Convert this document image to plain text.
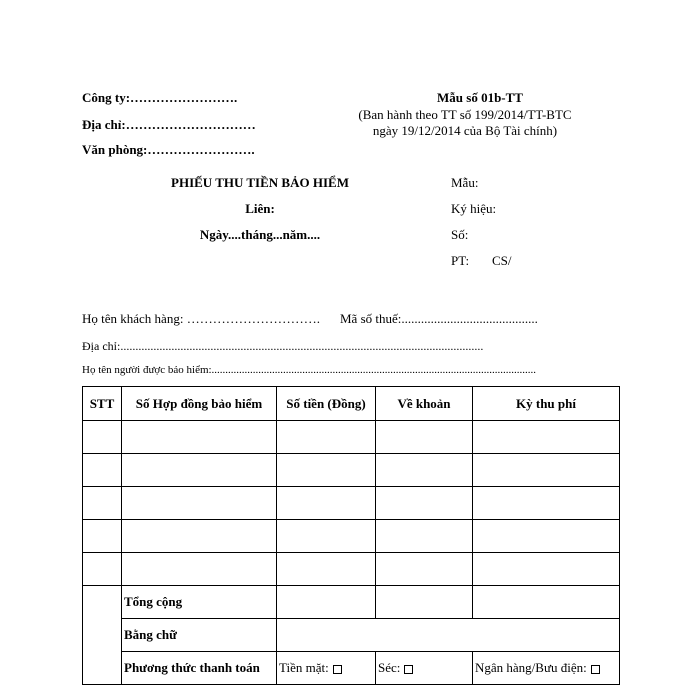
Công ty:…………………….
Địa chỉ:…………………………
Văn phòng:…………………….
Mẫu số 01b-TT
(Ban hành theo TT số 199/2014/TT-BTC
ngày 19/12/2014 của Bộ Tài chính)
PHIẾU THU TIỀN BẢO HIỂM
Liên:
Ngày....tháng...năm....
Mẫu:
Ký hiệu:
Số:
PT: CS/
Họ tên khách hàng: …………………………. Mã số thuế:..........................................
Địa chỉ:.........................................................................................................................
Họ tên người được bảo hiểm:......................................................................................................................
STT	Số Hợp đồng bảo hiểm	Số tiền (Đồng)	Về khoản	Kỳ thu phí

	Tổng cộng			
	Bằng chữ			
	Phương thức thanh toán	Tiền mặt:	Séc:	Ngân hàng/Bưu điện:
